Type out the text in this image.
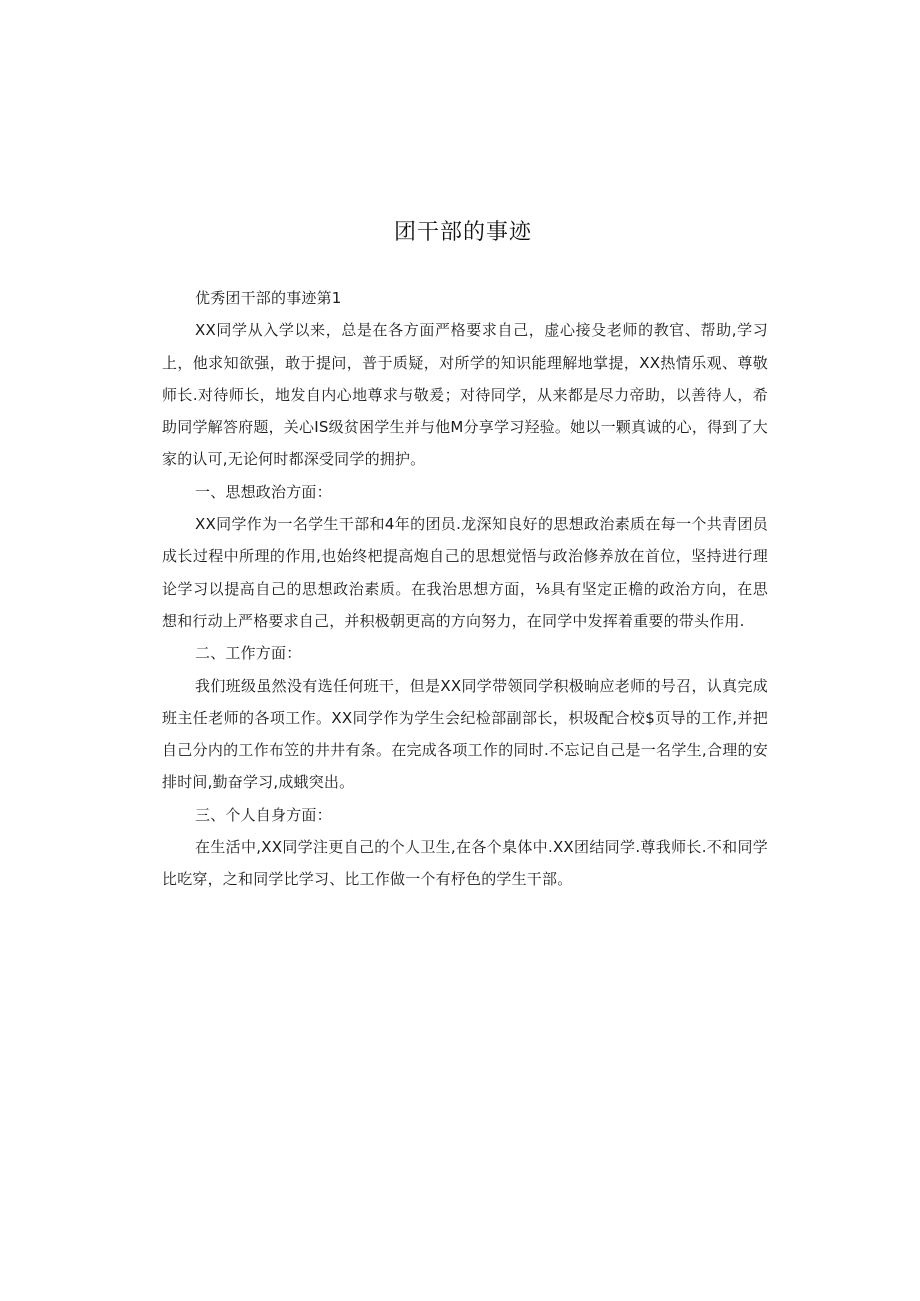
团干部的事迹

优秀团干部的事迹第1

XX同学从入学以来，总是在各方面严格要求自己，虚心接殳老师的教官、帮助,学习上，他求知欲强，敢于提问，普于质疑，对所学的知识能理解地掌提，XX热情乐观、尊敬师长.对待师长，地发自内心地尊求与敬爰；对待同学，从来都是尽力帝助，以善待人，希助同学解答府题，关心IS级贫困学生并与他M分享学习羟验。她以一颗真诚的心，得到了大家的认可,无论何时都深受同学的拥护。

一、思想政治方面：

XX同学作为一名学生干部和4年的团员.龙深知良好的思想政治素质在每一个共青团员成长过程中所理的作用,也始终杷提高炮自己的思想觉悟与政治修养放在首位，坚持进行理论学习以提高自己的思想政治素质。在我治思想方面，⅛具有坚定正檐的政治方向，在思想和行动上严格要求自己，并积极朝更高的方向努力，在同学中发挥着重要的带头作用.

二、工作方面：

我们班级虽然没有选任何班干，但是XX同学带领同学积极晌应老师的号召，认真完成班主任老师的各项工作。XX同学作为学生会纪检部副部长，枳圾配合校$页导的工作,并把自己分内的工作布笠的井井有条。在完成各项工作的同时.不忘记自己是一名学生,合理的安排时间,勤奋学习,成蛾突出。

三、个人自身方面：

在生活中,XX同学注更自己的个人卫生,在各个臬体中.XX团结同学.尊我师长.不和同学比吃穿，之和同学比学习、比工作做一个有杼色的学生干部。
